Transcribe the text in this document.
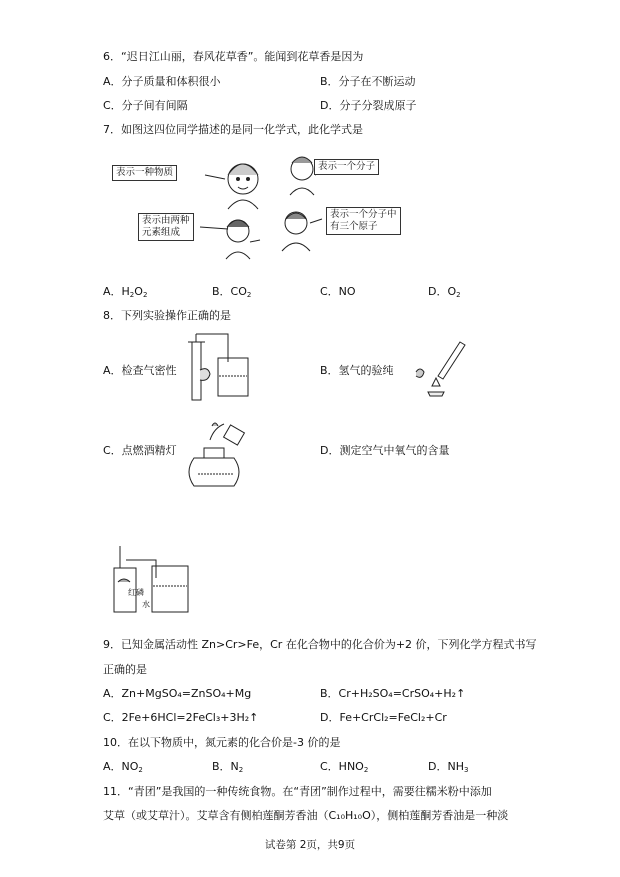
6．“迟日江山丽，春风花草香”。能闻到花草香是因为
A．分子质量和体积很小	B．分子在不断运动
C．分子间有间隔	D．分子分裂成原子
7．如图这四位同学描述的是同一化学式，此化学式是
表示一种物质
表示一个分子
表示由两种
元素组成
表示一个分子中
有三个原子
A．$H_2O_2$	B．$CO_2$	C．NO	D．$O_2$
8．下列实验操作正确的是
A．检查气密性	B．氢气的验纯
C．点燃酒精灯	D．测定空气中氧气的含量
红磷
水
9．已知金属活动性 Zn>Cr>Fe，Cr 在化合物中的化合价为+2 价，下列化学方程式书写
正确的是
A．Zn+MgSO₄=ZnSO₄+Mg	B．Cr+H₂SO₄=CrSO₄+H₂↑
C．2Fe+6HCl=2FeCl₃+3H₂↑	D．Fe+CrCl₂=FeCl₂+Cr
10．在以下物质中，氮元素的化合价是-3 价的是
A．$NO_2$	B．$N_2$	C．$HNO_2$	D．$NH_3$
11．“青团”是我国的一种传统食物。在“青团”制作过程中，需要往糯米粉中添加
艾草（或艾草汁）。艾草含有侧柏莲酮芳香油（C₁₀H₁₀O），侧柏莲酮芳香油是一种淡
试卷第 2页，共9页
